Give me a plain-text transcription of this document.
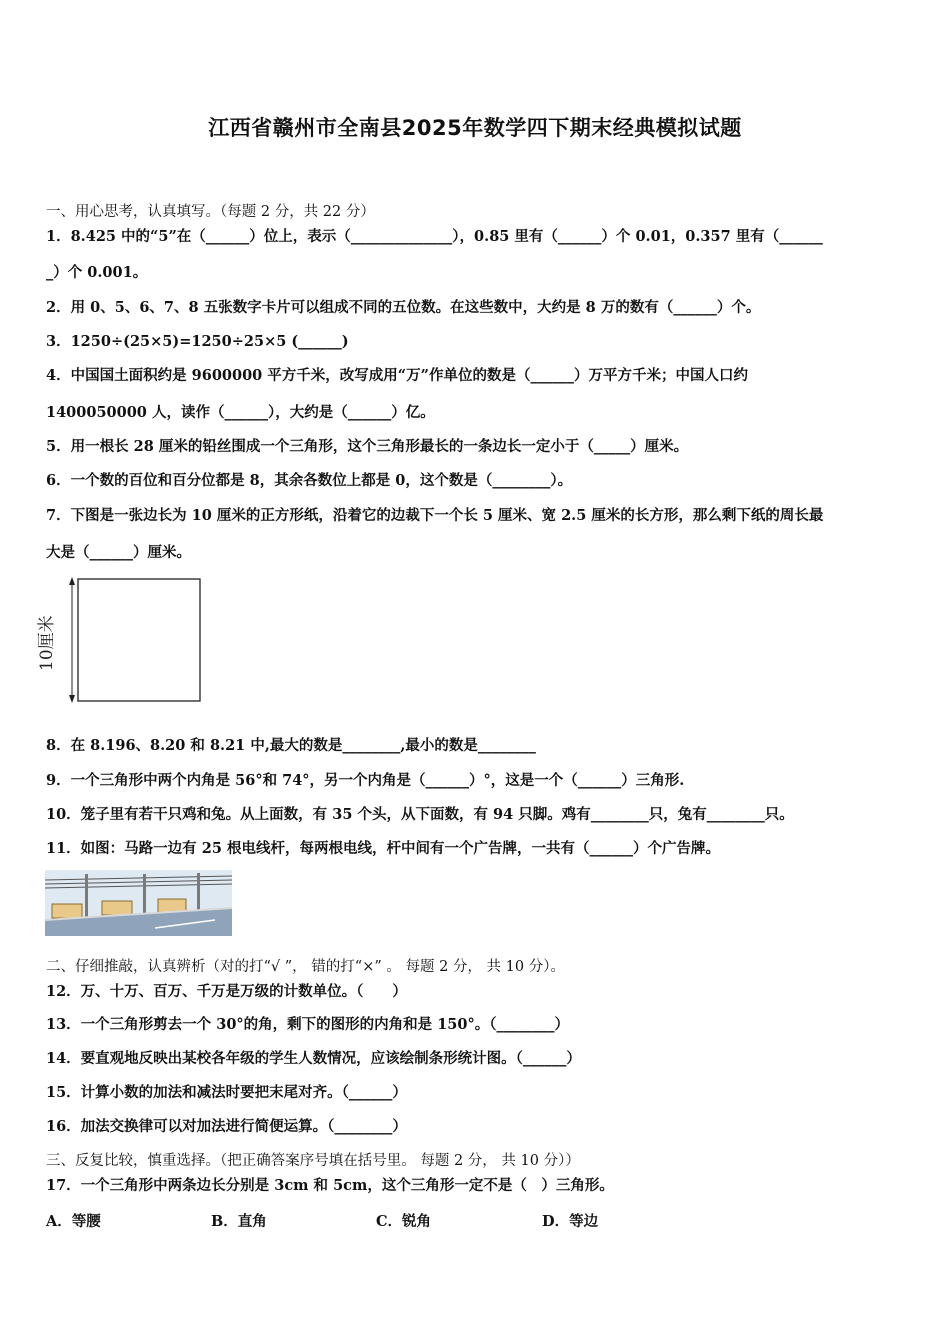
江西省赣州市全南县2025年数学四下期末经典模拟试题
一、用心思考，认真填写。（每题 2 分，共 22 分）
1．8.425 中的“5”在（______）位上，表示（______________），0.85 里有（______）个 0.01，0.357 里有（______
_）个 0.001。
2．用 0、5、6、7、8 五张数字卡片可以组成不同的五位数。在这些数中，大约是 8 万的数有（______）个。
3．1250÷(25×5)=1250÷25×5 (______)
4．中国国土面积约是 9600000 平方千米，改写成用“万”作单位的数是（______）万平方千米；中国人口约
1400050000 人，读作（______），大约是（______）亿。
5．用一根长 28 厘米的铅丝围成一个三角形，这个三角形最长的一条边长一定小于（_____）厘米。
6．一个数的百位和百分位都是 8，其余各数位上都是 0，这个数是（________）。
7．下图是一张边长为 10 厘米的正方形纸，沿着它的边裁下一个长 5 厘米、宽 2.5 厘米的长方形，那么剩下纸的周长最
大是（______）厘米。
10厘米
8．在 8.196、8.20 和 8.21 中,最大的数是________,最小的数是________
9．一个三角形中两个内角是 56°和 74°，另一个内角是（______）°，这是一个（______）三角形.
10．笼子里有若干只鸡和兔。从上面数，有 35 个头，从下面数，有 94 只脚。鸡有________只，兔有________只。
11．如图：马路一边有 25 根电线杆，每两根电线，杆中间有一个广告牌，一共有（______）个广告牌。
二、仔细推敲，认真辨析（对的打“√ ”， 错的打“×” 。 每题 2 分， 共 10 分）。
12．万、十万、百万、千万是万级的计数单位。（　　）
13．一个三角形剪去一个 30°的角，剩下的图形的内角和是 150°。（________）
14．要直观地反映出某校各年级的学生人数情况，应该绘制条形统计图。（______）
15．计算小数的加法和减法时要把末尾对齐。（______）
16．加法交换律可以对加法进行简便运算。（________）
三、反复比较，慎重选择。（把正确答案序号填在括号里。 每题 2 分， 共 10 分））
17．一个三角形中两条边长分别是 3cm 和 5cm，这个三角形一定不是（　）三角形。
A．等腰	B．直角	C．锐角	D．等边
